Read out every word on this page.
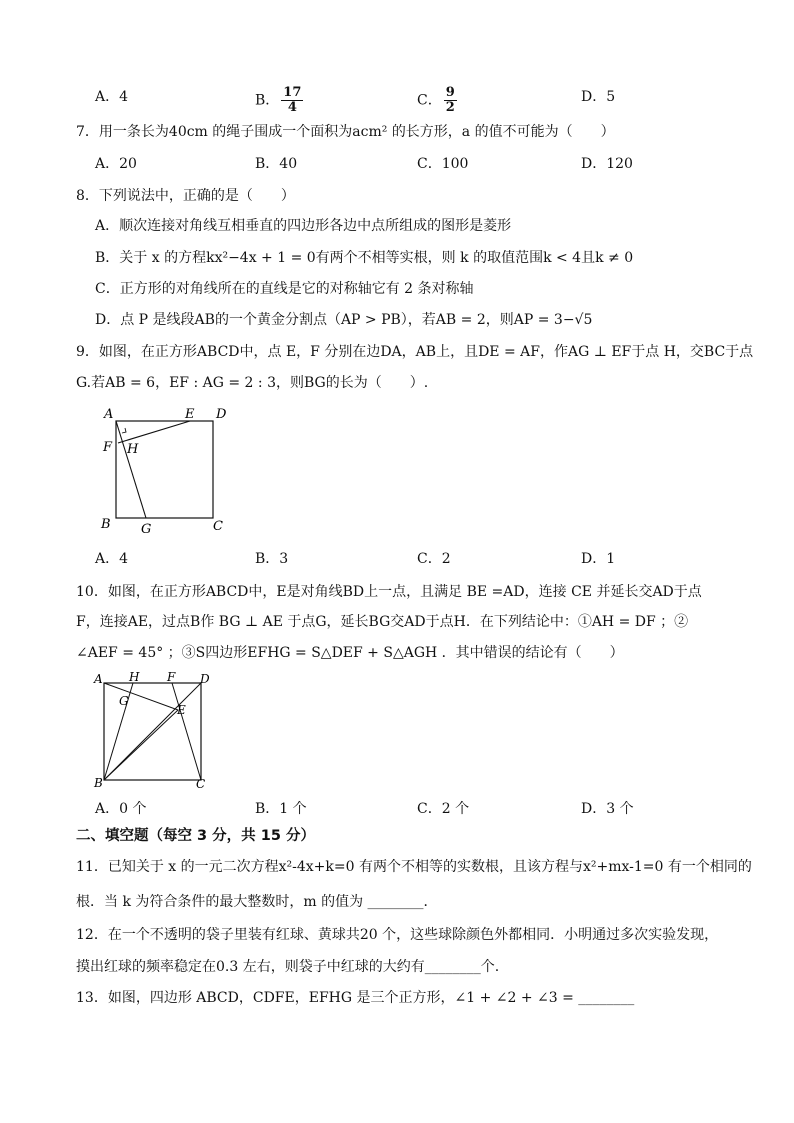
A．4	B． $\frac{17}{4}$	C． $\frac{9}{2}$	D．5
7．用一条长为40cm 的绳子围成一个面积为acm² 的长方形，a 的值不可能为（　　）
A．20	B．40	C．100	D．120
8．下列说法中，正确的是（　　）
A．顺次连接对角线互相垂直的四边形各边中点所组成的图形是菱形
B．关于 x 的方程kx²−4x + 1 = 0有两个不相等实根，则 k 的取值范围k < 4且k ≠ 0
C．正方形的对角线所在的直线是它的对称轴它有 2 条对称轴
D．点 P 是线段AB的一个黄金分割点（AP > PB），若AB = 2，则AP = 3−√5
9．如图，在正方形ABCD中，点 E，F 分别在边DA，AB上，且DE = AF，作AG ⊥ EF于点 H，交BC于点
G.若AB = 6，EF : AG = 2 : 3，则BG的长为（　　）.
A	E D
F H
B G	C
A．4	B．3	C．2	D．1
10．如图，在正方形ABCD中，E是对角线BD上一点，且满足 BE =AD，连接 CE 并延长交AD于点
F，连接AE，过点B作 BG ⊥ AE 于点G，延长BG交AD于点H．在下列结论中：①AH = DF ；②
∠AEF = 45° ；③S四边形EFHG = S△DEF + S△AGH ．其中错误的结论有（　　）
A H F D
G
E
B	C
A．0 个	B．1 个	C．2 个	D．3 个
二、填空题（每空 3 分，共 15 分）
11．已知关于 x 的一元二次方程x²-4x+k=0 有两个不相等的实数根，且该方程与x²+mx-1=0 有一个相同的
根．当 k 为符合条件的最大整数时，m 的值为 ________．
12．在一个不透明的袋子里装有红球、黄球共20 个，这些球除颜色外都相同．小明通过多次实验发现，
摸出红球的频率稳定在0.3 左右，则袋子中红球的大约有________个.
13．如图，四边形 ABCD，CDFE，EFHG 是三个正方形，∠1 + ∠2 + ∠3 = ________
